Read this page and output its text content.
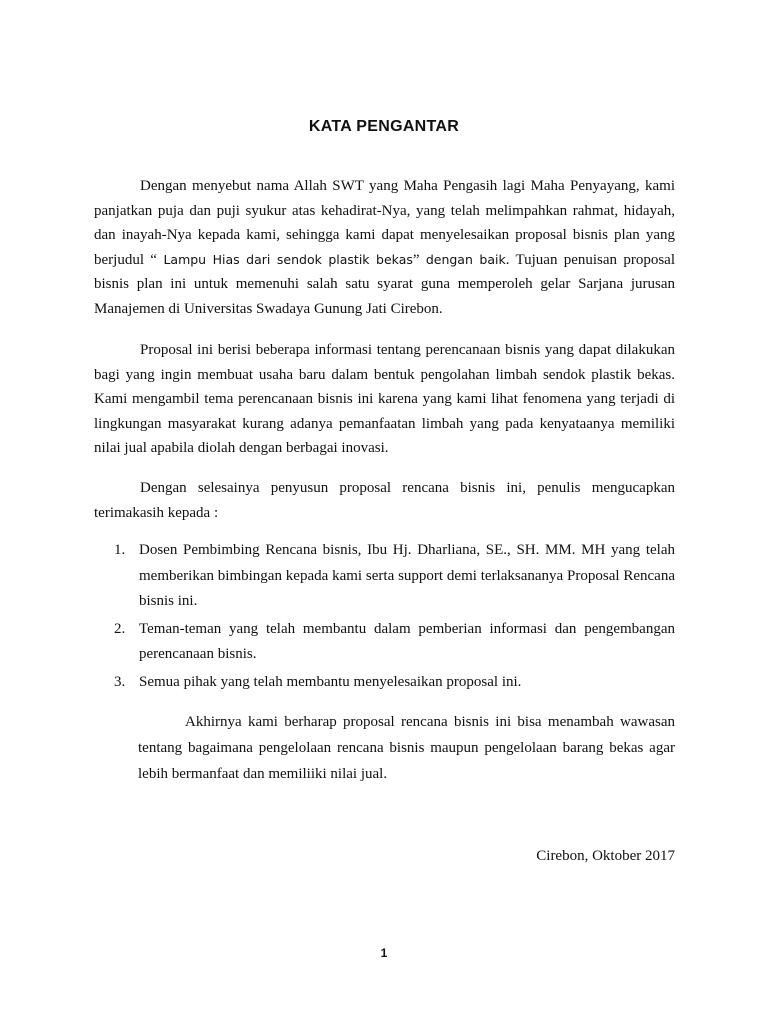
KATA PENGANTAR

Dengan menyebut nama Allah SWT yang Maha Pengasih lagi Maha Penyayang, kami panjatkan puja dan puji syukur atas kehadirat-Nya, yang telah melimpahkan rahmat, hidayah, dan inayah-Nya kepada kami, sehingga kami dapat menyelesaikan proposal bisnis plan yang berjudul “ Lampu Hias dari sendok plastik bekas” dengan baik. Tujuan penuisan proposal bisnis plan ini untuk memenuhi salah satu syarat guna memperoleh gelar Sarjana jurusan Manajemen di Universitas Swadaya Gunung Jati Cirebon.

Proposal ini berisi beberapa informasi tentang perencanaan bisnis yang dapat dilakukan bagi yang ingin membuat usaha baru dalam bentuk pengolahan limbah sendok plastik bekas. Kami mengambil tema perencanaan bisnis ini karena yang kami lihat fenomena yang terjadi di lingkungan masyarakat kurang adanya pemanfaatan limbah yang pada kenyataanya memiliki nilai jual apabila diolah dengan berbagai inovasi.

Dengan selesainya penyusun proposal rencana bisnis ini, penulis mengucapkan terimakasih kepada :

1. Dosen Pembimbing Rencana bisnis, Ibu Hj. Dharliana, SE., SH. MM. MH yang telah memberikan bimbingan kepada kami serta support demi terlaksananya Proposal Rencana bisnis ini.
2. Teman-teman yang telah membantu dalam pemberian informasi dan pengembangan perencanaan bisnis.
3. Semua pihak yang telah membantu menyelesaikan proposal ini.

Akhirnya kami berharap proposal rencana bisnis ini bisa menambah wawasan tentang bagaimana pengelolaan rencana bisnis maupun pengelolaan barang bekas agar lebih bermanfaat dan memiliiki nilai jual.

Cirebon, Oktober 2017
1
